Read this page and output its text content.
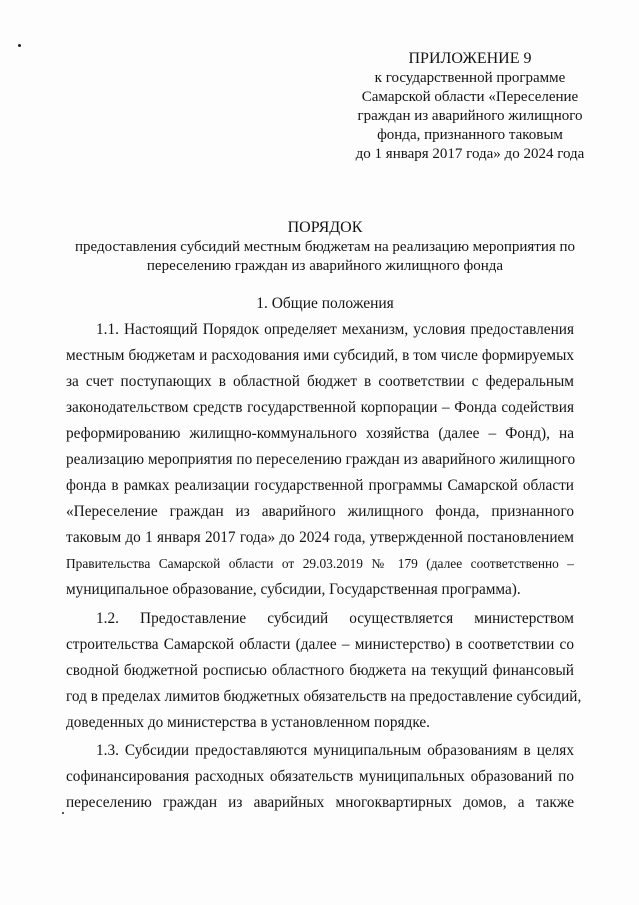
ПРИЛОЖЕНИЕ 9
к государственной программе
Самарской области «Переселение
граждан из аварийного жилищного
фонда, признанного таковым
до 1 января 2017 года» до 2024 года
ПОРЯДОК
предоставления субсидий местным бюджетам на реализацию мероприятия по
переселению граждан из аварийного жилищного фонда
1. Общие положения
1.1. Настоящий Порядок определяет механизм, условия предоставления
местным бюджетам и расходования ими субсидий, в том числе формируемых
за счет поступающих в областной бюджет в соответствии с федеральным
законодательством средств государственной корпорации – Фонда содействия
реформированию жилищно-коммунального хозяйства (далее – Фонд), на
реализацию мероприятия по переселению граждан из аварийного жилищного
фонда в рамках реализации государственной программы Самарской области
«Переселение граждан из аварийного жилищного фонда, признанного
таковым до 1 января 2017 года» до 2024 года, утвержденной постановлением
Правительства Самарской области от 29.03.2019 № 179 (далее соответственно –
муниципальное образование, субсидии, Государственная программа).
1.2. Предоставление субсидий осуществляется министерством
строительства Самарской области (далее – министерство) в соответствии со
сводной бюджетной росписью областного бюджета на текущий финансовый
год в пределах лимитов бюджетных обязательств на предоставление субсидий,
доведенных до министерства в установленном порядке.
1.3. Субсидии предоставляются муниципальным образованиям в целях
софинансирования расходных обязательств муниципальных образований по
переселению граждан из аварийных многоквартирных домов, а также
